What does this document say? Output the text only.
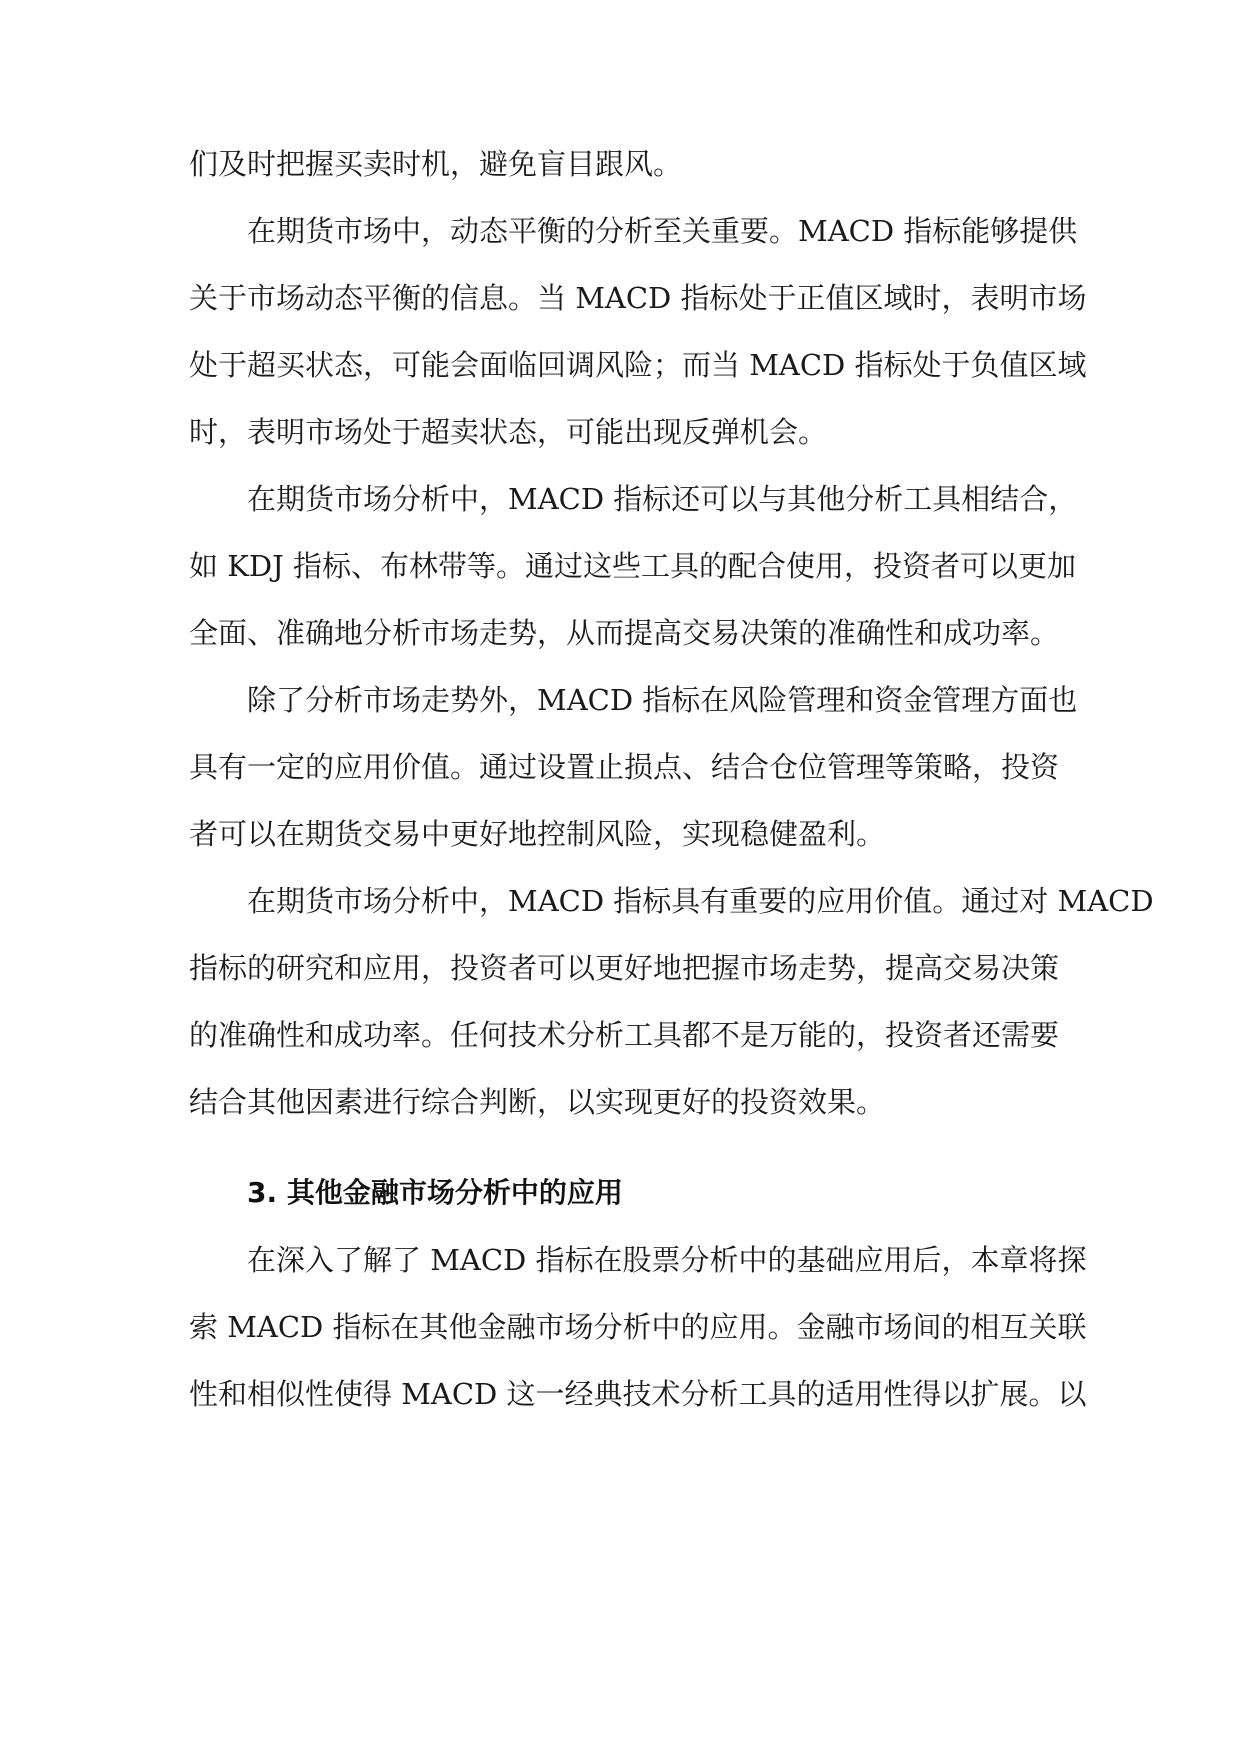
们及时把握买卖时机，避免盲目跟风。
在期货市场中，动态平衡的分析至关重要。MACD 指标能够提供
关于市场动态平衡的信息。当 MACD 指标处于正值区域时，表明市场
处于超买状态，可能会面临回调风险；而当 MACD 指标处于负值区域
时，表明市场处于超卖状态，可能出现反弹机会。
在期货市场分析中，MACD 指标还可以与其他分析工具相结合，
如 KDJ 指标、布林带等。通过这些工具的配合使用，投资者可以更加
全面、准确地分析市场走势，从而提高交易决策的准确性和成功率。
除了分析市场走势外，MACD 指标在风险管理和资金管理方面也
具有一定的应用价值。通过设置止损点、结合仓位管理等策略，投资
者可以在期货交易中更好地控制风险，实现稳健盈利。
在期货市场分析中，MACD 指标具有重要的应用价值。通过对 MACD
指标的研究和应用，投资者可以更好地把握市场走势，提高交易决策
的准确性和成功率。任何技术分析工具都不是万能的，投资者还需要
结合其他因素进行综合判断，以实现更好的投资效果。
3. 其他金融市场分析中的应用
在深入了解了 MACD 指标在股票分析中的基础应用后，本章将探
索 MACD 指标在其他金融市场分析中的应用。金融市场间的相互关联
性和相似性使得 MACD 这一经典技术分析工具的适用性得以扩展。以
